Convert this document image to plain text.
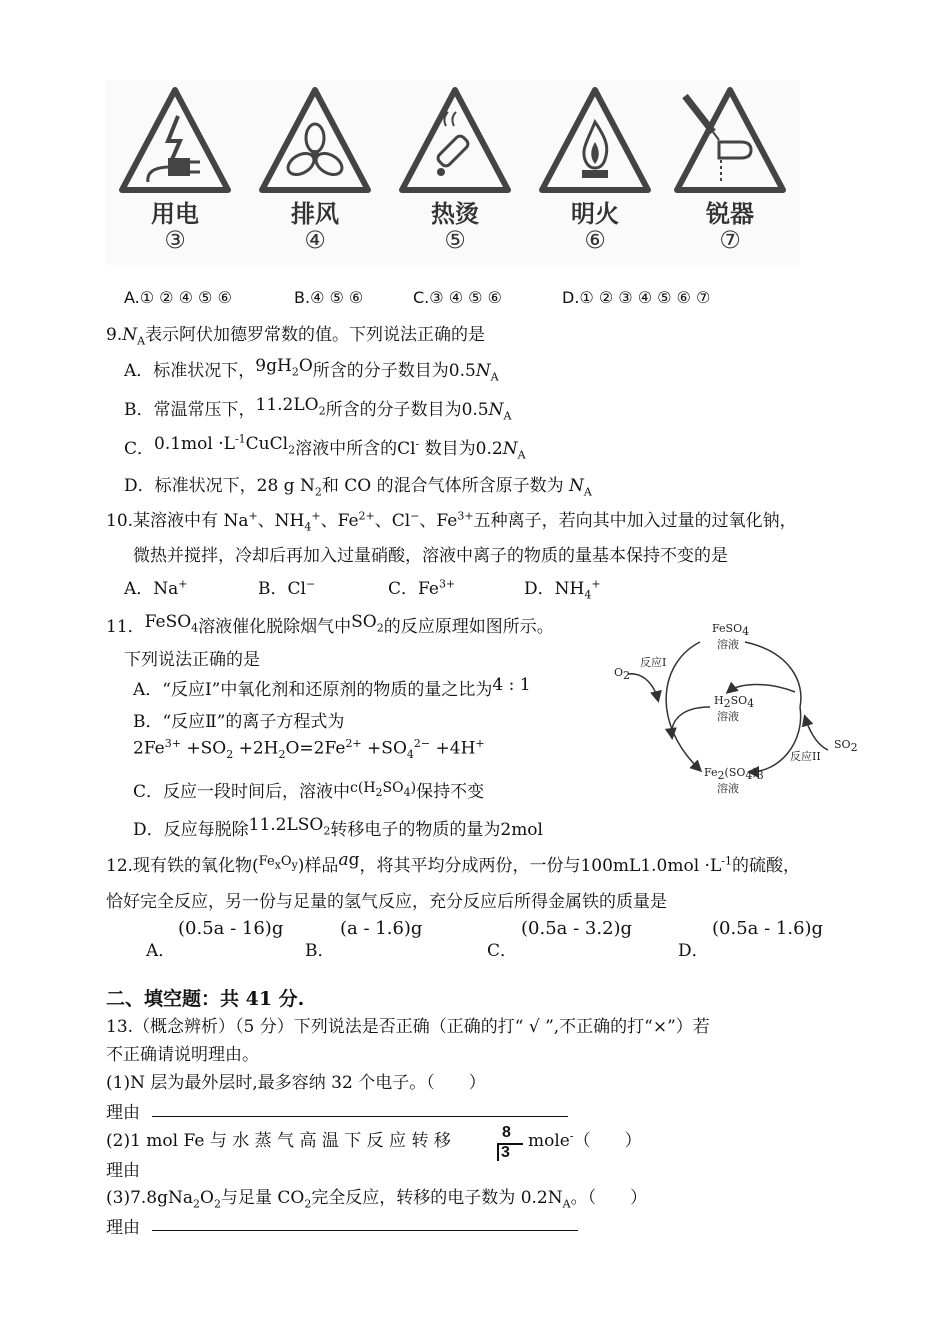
用电
③
排风
④
热烫
⑤
明火
⑥
锐器
⑦
A.① ② ④ ⑤ ⑥	B.④ ⑤ ⑥	C.③ ④ ⑤ ⑥	D.① ② ③ ④ ⑤ ⑥ ⑦
$9.N_A$表示阿伏加德罗常数的值。下列说法正确的是
A．标准状况下，$9gH_2O$所含的分子数目为$0.5N_A$
B．常温常压下，$11.2LO_2$所含的分子数目为$0.5N_A$
C．$0.1mol \cdot L^{-1}CuCl_2$溶液中所含的Cl- 数目为$0.2N_A$
D．标准状况下，28 g $N_2$和 CO 的混合气体所含原子数为 $N_A$
10.某溶液中有 Na+、$NH_4^+$、$Fe^{2+}$、Cl−、$Fe^{3+}$五种离子，若向其中加入过量的过氧化钠，
微热并搅拌，冷却后再加入过量硝酸，溶液中离子的物质的量基本保持不变的是
A．Na+	B．Cl−	C．$Fe^{3+}$	D．$NH_4^+$
11．FeSO$_4$溶液催化脱除烟气中$SO_2$的反应原理如图所示。
下列说法正确的是
A．“反应Ⅰ”中氧化剂和还原剂的物质的量之比为4 : 1
B．“反应Ⅱ”的离子方程式为
$2Fe^{3+} +SO_2 +2H_2O=2Fe^{2+} +SO_4^{2-} +4H^+$
C．反应一段时间后，溶液中$^{c(H_2SO_4)}$保持不变
D．反应每脱除$11.2LSO_2$转移电子的物质的量为2mol
FeSO$_4$
溶液
反应I
$O_2$
$H_2SO_4$
溶液
$SO_2$
反应II
$Fe_2(SO_4)_3$
溶液
12.现有铁的氧化物($^{Fe_xO_y}$)样品ag，将其平均分成两份，一份与$100mL1.0mol \cdot L^{-1}$的硫酸，
恰好完全反应，另一份与足量的氢气反应，充分反应后所得金属铁的质量是
A．
(0.5a - 16)g
B．
(a - 1.6)g
C．
(0.5a - 3.2)g
D．
(0.5a - 1.6)g
二、填空题：共 41 分.
13.（概念辨析）（5 分）下列说法是否正确（正确的打“ √ ”,不正确的打“×”）若
不正确请说明理由。
(1)N 层为最外层时,最多容纳 32 个电子。（　　）
理由
(2)1 mol Fe 与 水 蒸 气 高 温 下 反 应 转 移	8
3
mole-（　　）
理由
$(3)7.8gNa_2O_2$与足量 $CO_2$完全反应，转移的电子数为 $0.2N_A$。（　　）
理由
